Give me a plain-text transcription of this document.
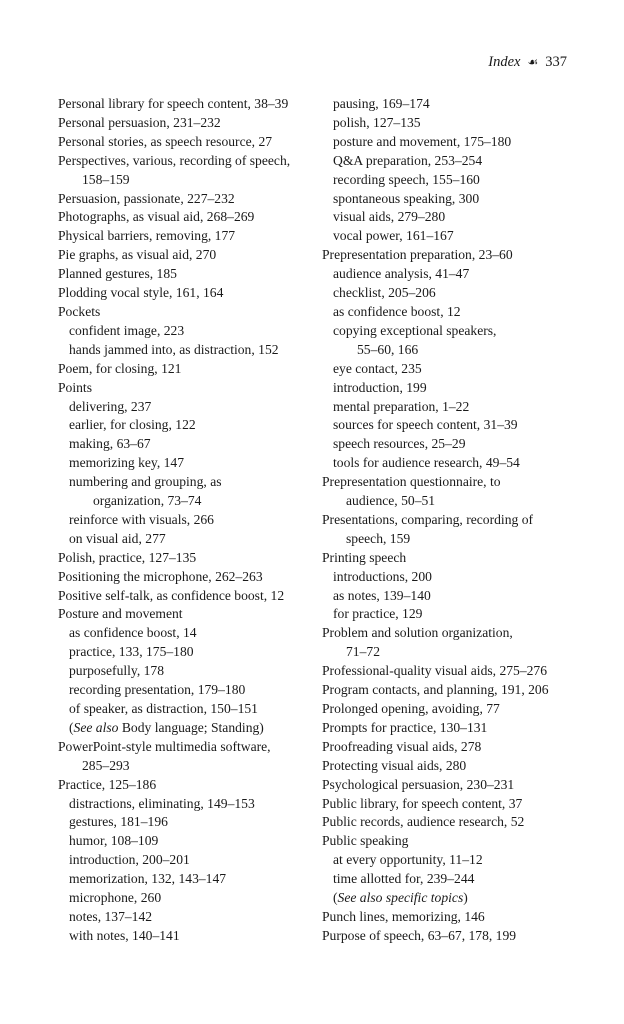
Index ☙ 337
Personal library for speech content, 38–39
Personal persuasion, 231–232
Personal stories, as speech resource, 27
Perspectives, various, recording of speech,
158–159
Persuasion, passionate, 227–232
Photographs, as visual aid, 268–269
Physical barriers, removing, 177
Pie graphs, as visual aid, 270
Planned gestures, 185
Plodding vocal style, 161, 164
Pockets
confident image, 223
hands jammed into, as distraction, 152
Poem, for closing, 121
Points
delivering, 237
earlier, for closing, 122
making, 63–67
memorizing key, 147
numbering and grouping, as
organization, 73–74
reinforce with visuals, 266
on visual aid, 277
Polish, practice, 127–135
Positioning the microphone, 262–263
Positive self-talk, as confidence boost, 12
Posture and movement
as confidence boost, 14
practice, 133, 175–180
purposefully, 178
recording presentation, 179–180
of speaker, as distraction, 150–151
(See also Body language; Standing)
PowerPoint-style multimedia software,
285–293
Practice, 125–186
distractions, eliminating, 149–153
gestures, 181–196
humor, 108–109
introduction, 200–201
memorization, 132, 143–147
microphone, 260
notes, 137–142
with notes, 140–141
pausing, 169–174
polish, 127–135
posture and movement, 175–180
Q&A preparation, 253–254
recording speech, 155–160
spontaneous speaking, 300
visual aids, 279–280
vocal power, 161–167
Prepresentation preparation, 23–60
audience analysis, 41–47
checklist, 205–206
as confidence boost, 12
copying exceptional speakers,
55–60, 166
eye contact, 235
introduction, 199
mental preparation, 1–22
sources for speech content, 31–39
speech resources, 25–29
tools for audience research, 49–54
Prepresentation questionnaire, to
audience, 50–51
Presentations, comparing, recording of
speech, 159
Printing speech
introductions, 200
as notes, 139–140
for practice, 129
Problem and solution organization,
71–72
Professional-quality visual aids, 275–276
Program contacts, and planning, 191, 206
Prolonged opening, avoiding, 77
Prompts for practice, 130–131
Proofreading visual aids, 278
Protecting visual aids, 280
Psychological persuasion, 230–231
Public library, for speech content, 37
Public records, audience research, 52
Public speaking
at every opportunity, 11–12
time allotted for, 239–244
(See also specific topics)
Punch lines, memorizing, 146
Purpose of speech, 63–67, 178, 199
